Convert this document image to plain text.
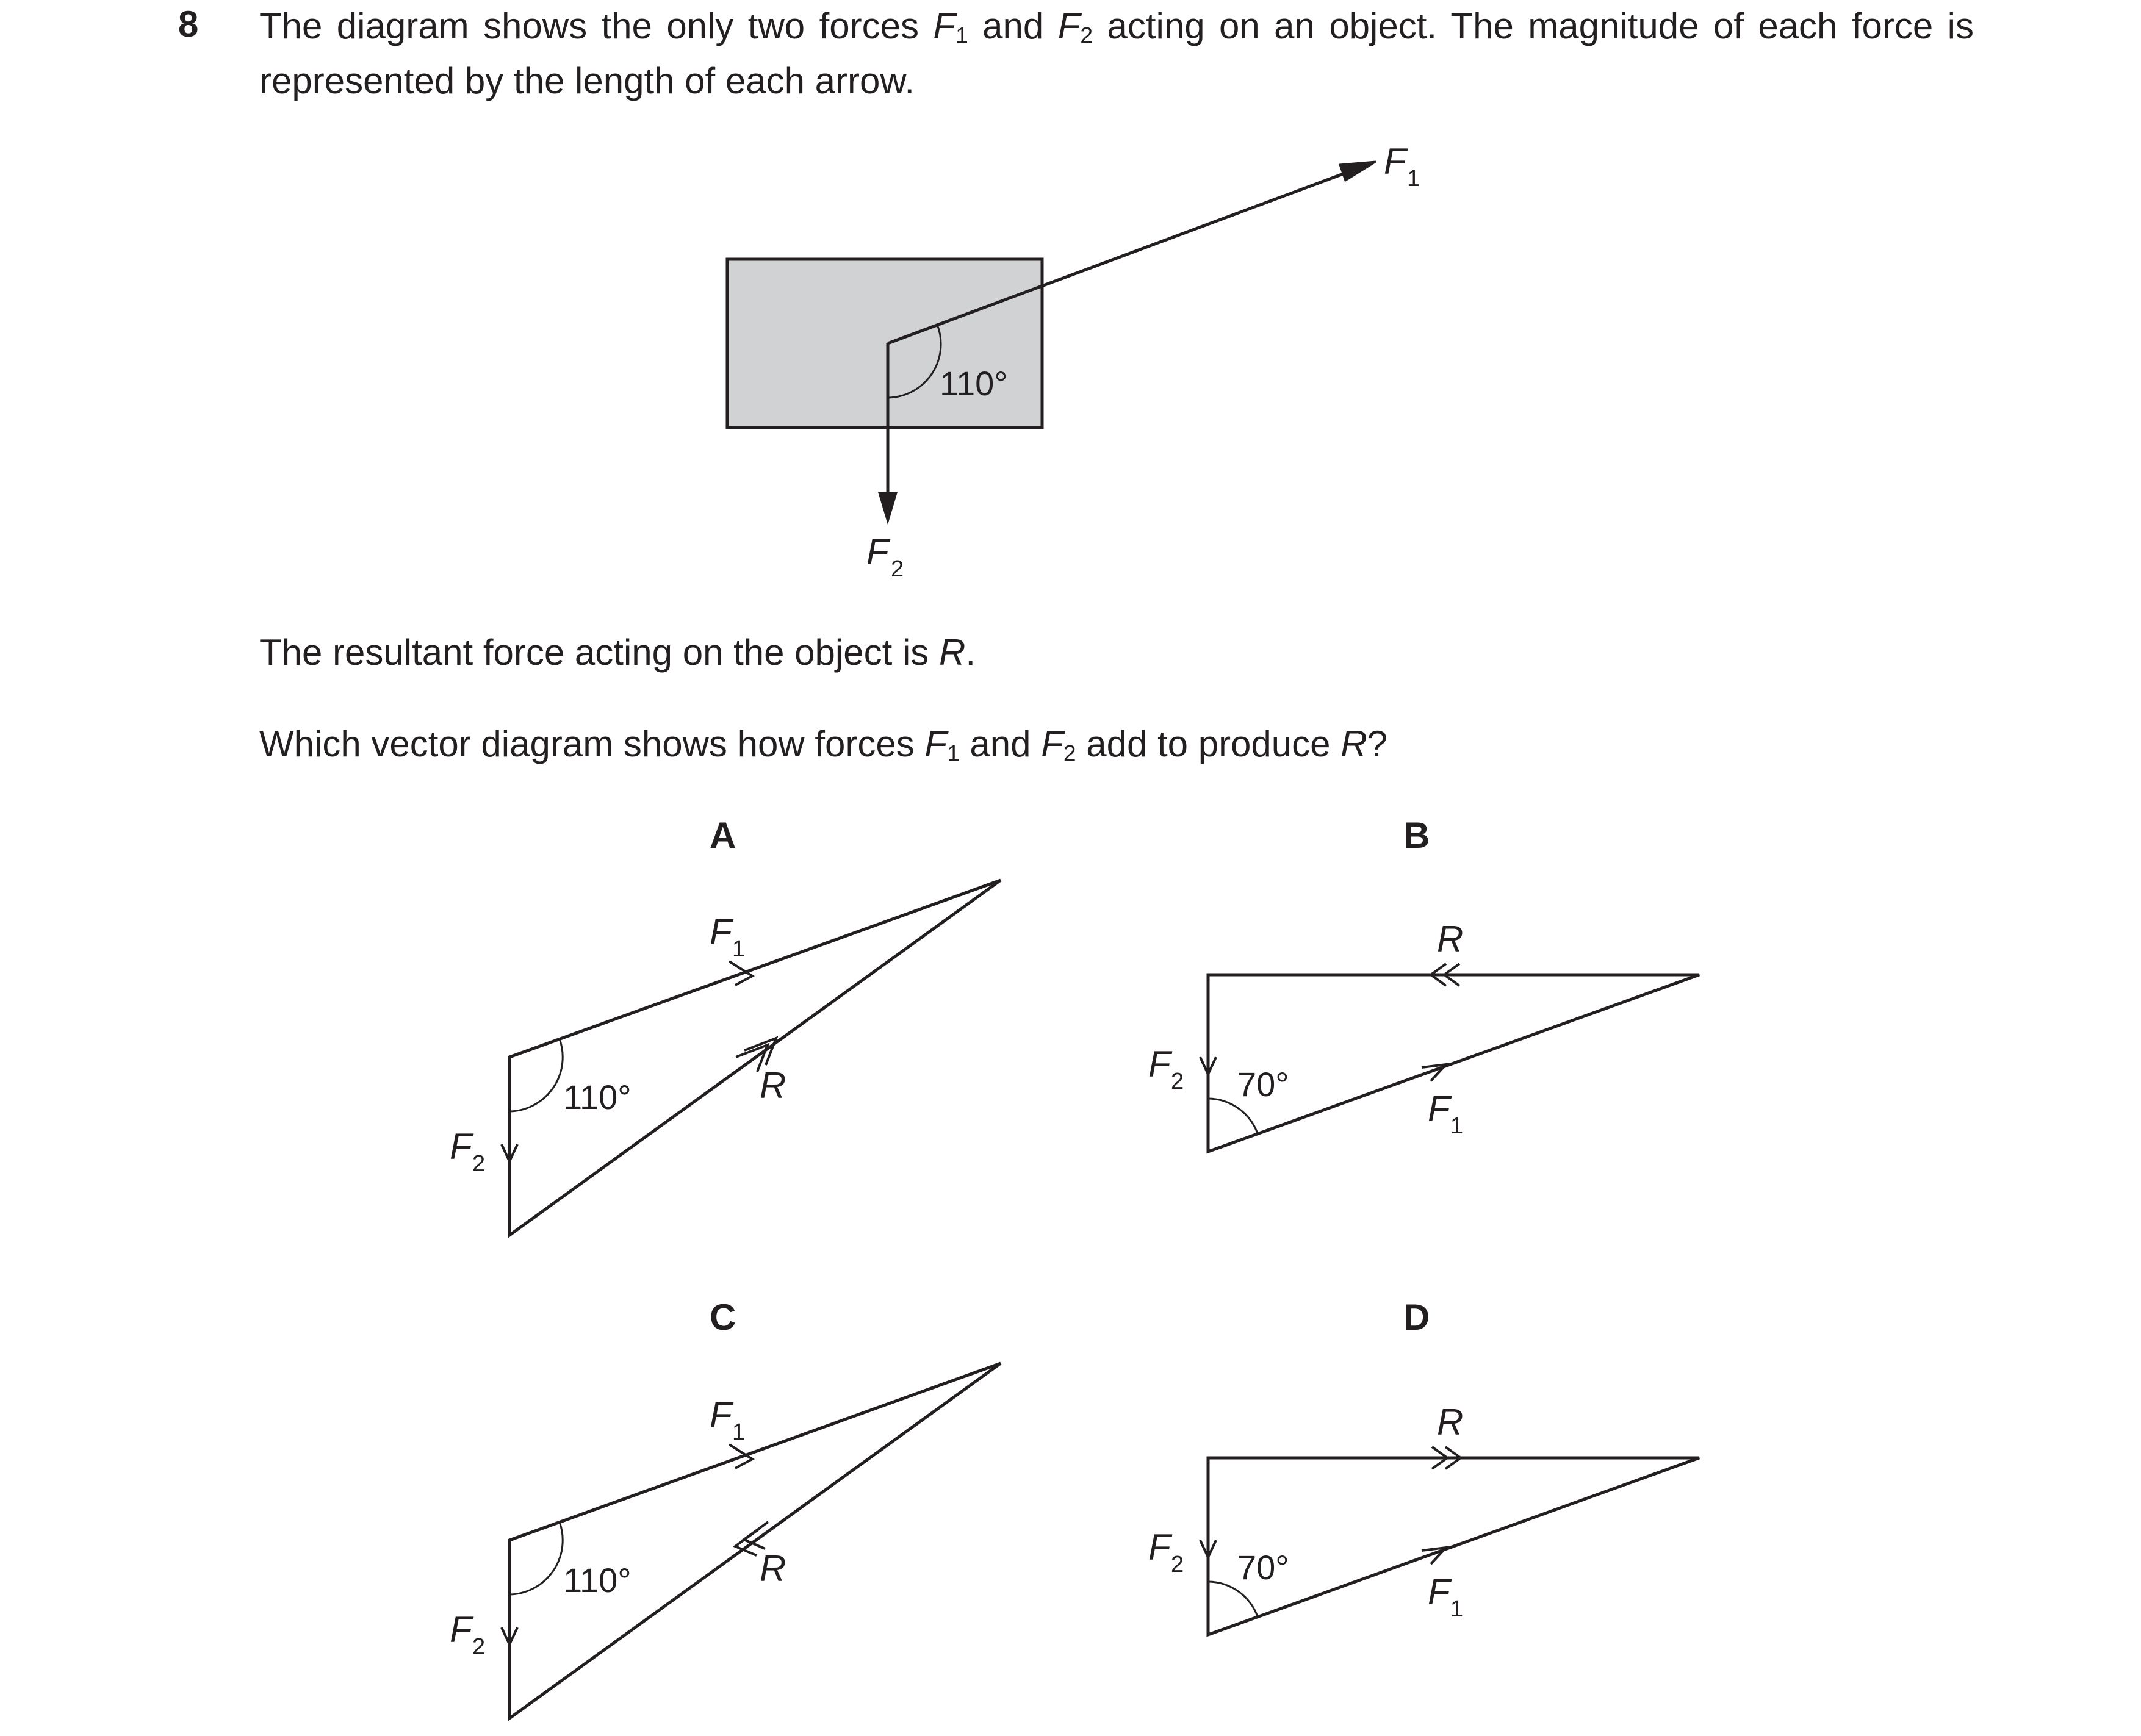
8 The diagram shows the only two forces F1 and F2 acting on an object. The magnitude of each force is represented by the length of each arrow.
The resultant force acting on the object is R.
Which vector diagram shows how forces F1 and F2 add to produce R?
A	B
C	D
110°
F 1
F 2
110°
F 1
R
F 2
70°
R
F 1
F 2
110°
F 1
R
F 2
70°
R
F 1
F 2
